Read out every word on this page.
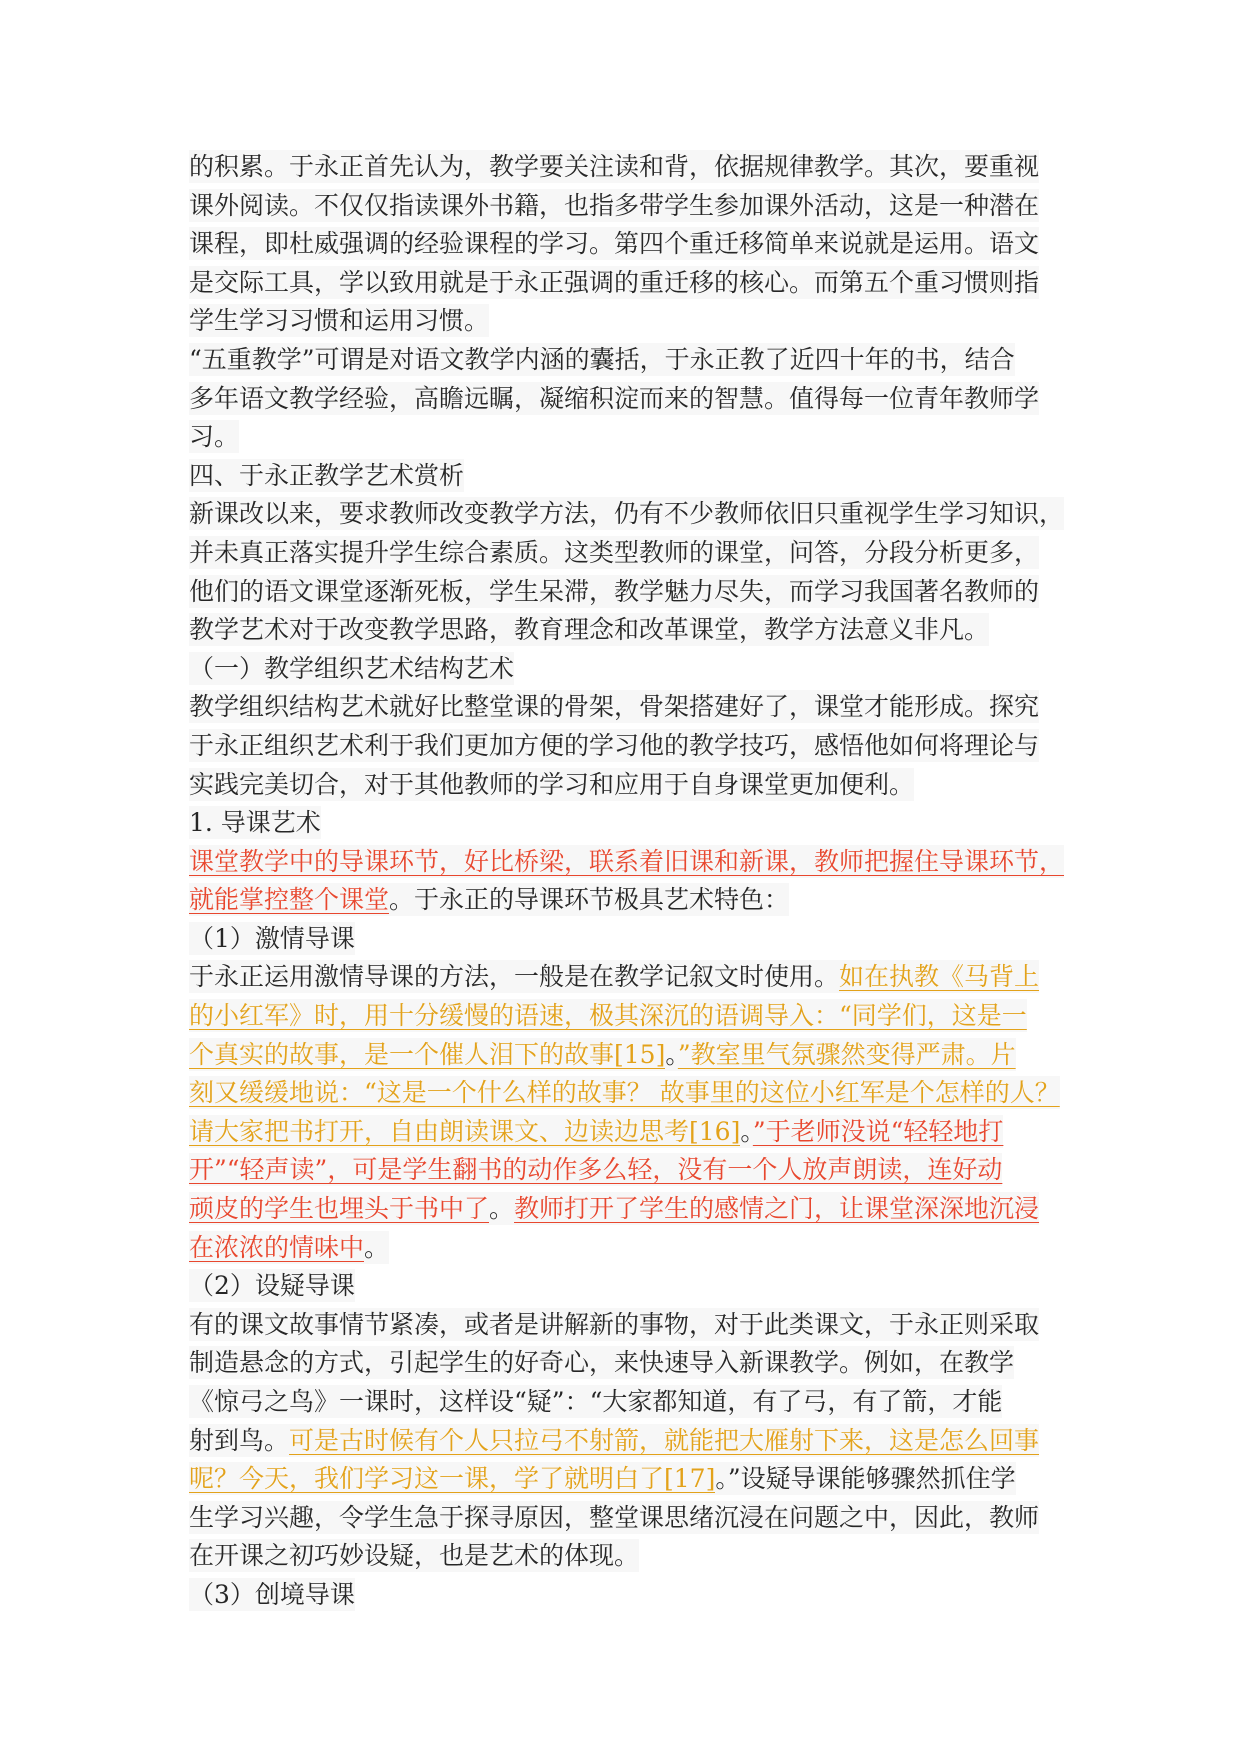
的积累。于永正首先认为，教学要关注读和背，依据规律教学。其次，要重视
课外阅读。不仅仅指读课外书籍，也指多带学生参加课外活动，这是一种潜在
课程，即杜威强调的经验课程的学习。第四个重迁移简单来说就是运用。语文
是交际工具，学以致用就是于永正强调的重迁移的核心。而第五个重习惯则指
学生学习习惯和运用习惯。
“五重教学”可谓是对语文教学内涵的囊括，于永正教了近四十年的书，结合
多年语文教学经验，高瞻远瞩，凝缩积淀而来的智慧。值得每一位青年教师学
习。
四、于永正教学艺术赏析
新课改以来，要求教师改变教学方法，仍有不少教师依旧只重视学生学习知识，
并未真正落实提升学生综合素质。这类型教师的课堂，问答，分段分析更多，
他们的语文课堂逐渐死板，学生呆滞，教学魅力尽失，而学习我国著名教师的
教学艺术对于改变教学思路，教育理念和改革课堂，教学方法意义非凡。
（一）教学组织艺术结构艺术
教学组织结构艺术就好比整堂课的骨架，骨架搭建好了，课堂才能形成。探究
于永正组织艺术利于我们更加方便的学习他的教学技巧，感悟他如何将理论与
实践完美切合，对于其他教师的学习和应用于自身课堂更加便利。
1. 导课艺术
课堂教学中的导课环节，好比桥梁，联系着旧课和新课，教师把握住导课环节，
就能掌控整个课堂。于永正的导课环节极具艺术特色：
（1）激情导课
于永正运用激情导课的方法，一般是在教学记叙文时使用。如在执教《马背上
的小红军》时，用十分缓慢的语速，极其深沉的语调导入：“同学们，这是一
个真实的故事，是一个催人泪下的故事[15]。”教室里气氛骤然变得严肃。片
刻又缓缓地说：“这是一个什么样的故事？ 故事里的这位小红军是个怎样的人？
请大家把书打开，自由朗读课文、边读边思考[16]。”于老师没说“轻轻地打
开”“轻声读”，可是学生翻书的动作多么轻，没有一个人放声朗读，连好动
顽皮的学生也埋头于书中了。教师打开了学生的感情之门，让课堂深深地沉浸
在浓浓的情味中。
（2）设疑导课
有的课文故事情节紧凑，或者是讲解新的事物，对于此类课文，于永正则采取
制造悬念的方式，引起学生的好奇心，来快速导入新课教学。例如，在教学
《惊弓之鸟》一课时，这样设“疑”：“大家都知道，有了弓，有了箭，才能
射到鸟。可是古时候有个人只拉弓不射箭，就能把大雁射下来，这是怎么回事
呢？今天，我们学习这一课，学了就明白了[17]。”设疑导课能够骤然抓住学
生学习兴趣，令学生急于探寻原因，整堂课思绪沉浸在问题之中，因此，教师
在开课之初巧妙设疑，也是艺术的体现。
（3）创境导课
